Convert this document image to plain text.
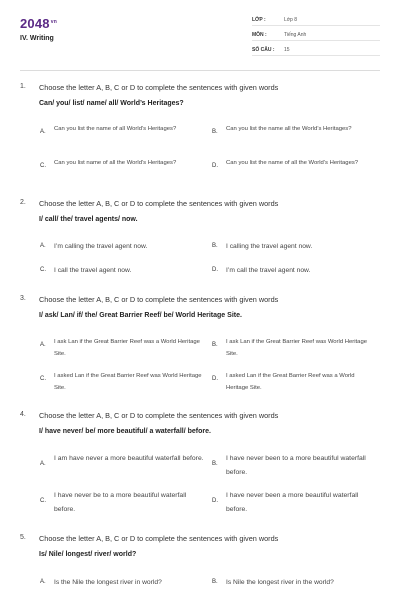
$2048^{vn}$
IV. Writing
LỚP :	Lớp 8
MÔN :	Tiếng Anh
SỐ CÂU : 15
1. Choose the letter A, B, C or D to complete the sentences with given words
Can/ you/ list/ name/ all/ World’s Heritages?
A. Can you list the name of all World’s Heritages?	B. Can you list the name all the World’s Heritages?
C. Can you list name of all the World’s Heritages?	D. Can you list the name of all the World’s Heritages?
2. Choose the letter A, B, C or D to complete the sentences with given words
I/ call/ the/ travel agents/ now.
A. I’m calling the travel agent now.	B. I calling the travel agent now.
C. I call the travel agent now.	D. I’m call the travel agent now.
3. Choose the letter A, B, C or D to complete the sentences with given words
I/ ask/ Lan/ if/ the/ Great Barrier Reef/ be/ World Heritage Site.
A. I ask Lan if the Great Barrier Reef was a World Heritage Site.
B. I ask Lan if the Great Barrier Reef was World Heritage Site.
C. I asked Lan if the Great Barrier Reef was World Heritage Site.
D. I asked Lan if the Great Barrier Reef was a World Heritage Site.
4. Choose the letter A, B, C or D to complete the sentences with given words
I/ have never/ be/ more beautiful/ a waterfall/ before.
A.
I am have never a more beautiful waterfall before.
B.
I have never been to a more beautiful waterfall before.
C.
I have never be to a more beautiful waterfall before.
D.
I have never been a more beautiful waterfall before.
5. Choose the letter A, B, C or D to complete the sentences with given words
Is/ Nile/ longest/ river/ world?
A. Is the Nile the longest river in world?	B. Is Nile the longest river in the world?
